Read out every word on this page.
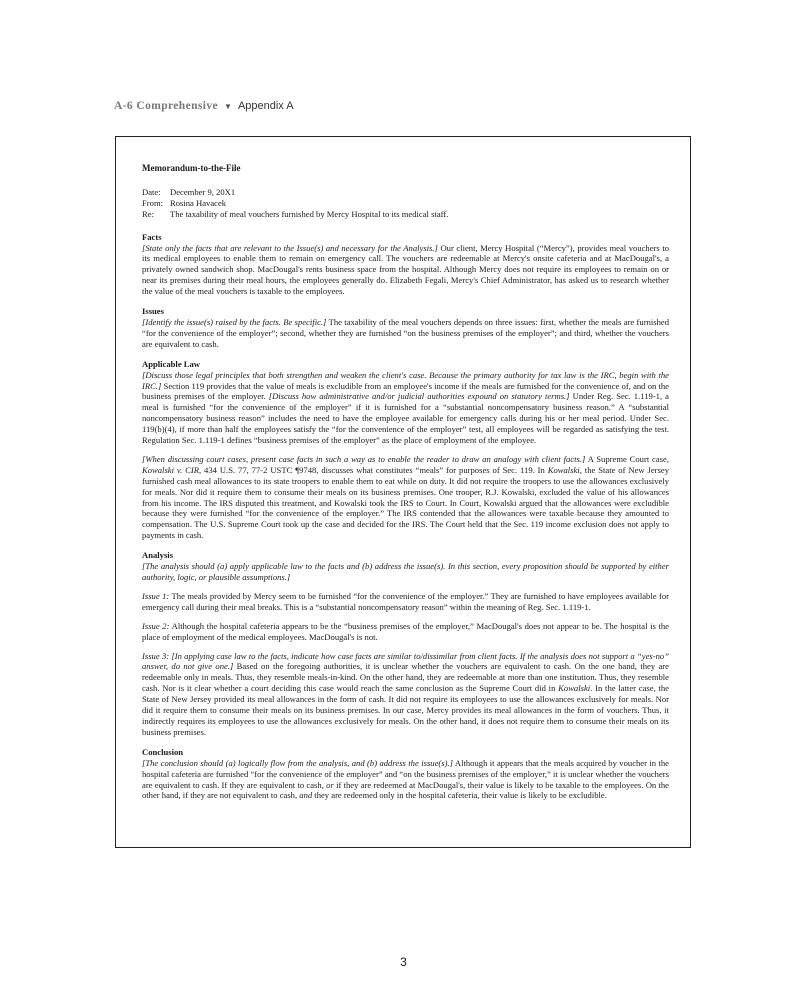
A-6 Comprehensive ▼ Appendix A
Memorandum-to-the-File
Date:	December 9, 20X1
From: Rosina Havacek
Re:	The taxability of meal vouchers furnished by Mercy Hospital to its medical staff.
Facts

[State only the facts that are relevant to the Issue(s) and necessary for the Analysis.] Our client, Mercy Hospital (“Mercy”), provides meal vouchers to its medical employees to enable them to remain on emergency call. The vouchers are redeemable at Mercy's onsite cafeteria and at MacDougal's, a privately owned sandwich shop. MacDougal's rents business space from the hospital. Although Mercy does not require its employees to remain on or near its premises during their meal hours, the employees generally do. Elizabeth Fegali, Mercy's Chief Administrator, has asked us to research whether the value of the meal vouchers is taxable to the employees.

Issues

[Identify the issue(s) raised by the facts. Be specific.] The taxability of the meal vouchers depends on three issues: first, whether the meals are furnished “for the convenience of the employer”; second, whether they are furnished “on the business premises of the employer”; and third, whether the vouchers are equivalent to cash.

Applicable Law

[Discuss those legal principles that both strengthen and weaken the client's case. Because the primary authority for tax law is the IRC, begin with the IRC.] Section 119 provides that the value of meals is excludible from an employee's income if the meals are furnished for the convenience of, and on the business premises of the employer. [Discuss how administrative and/or judicial authorities expound on statutory terms.] Under Reg. Sec. 1.119-1, a meal is furnished “for the convenience of the employer” if it is furnished for a “substantial noncompensatory business reason.” A “substantial noncompensatory business reason” includes the need to have the employee available for emergency calls during his or her meal period. Under Sec. 119(b)(4), if more than half the employees satisfy the “for the convenience of the employer” test, all employees will be regarded as satisfying the test. Regulation Sec. 1.119-1 defines “business premises of the employer” as the place of employment of the employee.

[When discussing court cases, present case facts in such a way as to enable the reader to draw an analogy with client facts.] A Supreme Court case, Kowalski v. CIR, 434 U.S. 77, 77-2 USTC ¶9748, discusses what constitutes “meals” for purposes of Sec. 119. In Kowalski, the State of New Jersey furnished cash meal allowances to its state troopers to enable them to eat while on duty. It did not require the troopers to use the allowances exclusively for meals. Nor did it require them to consume their meals on its business premises. One trooper, R.J. Kowalski, excluded the value of his allowances from his income. The IRS disputed this treatment, and Kowalski took the IRS to Court. In Court, Kowalski argued that the allowances were excludible because they were furnished “for the convenience of the employer.” The IRS contended that the allowances were taxable because they amounted to compensation. The U.S. Supreme Court took up the case and decided for the IRS. The Court held that the Sec. 119 income exclusion does not apply to payments in cash.

Analysis

[The analysis should (a) apply applicable law to the facts and (b) address the issue(s). In this section, every proposition should be supported by either authority, logic, or plausible assumptions.]

Issue 1: The meals provided by Mercy seem to be furnished “for the convenience of the employer.” They are furnished to have employees available for emergency call during their meal breaks. This is a “substantial noncompensatory reason” within the meaning of Reg. Sec. 1.119-1.

Issue 2: Although the hospital cafeteria appears to be the “business premises of the employer,” MacDougal's does not appear to be. The hospital is the place of employment of the medical employees. MacDougal's is not.

Issue 3: [In applying case law to the facts, indicate how case facts are similar to/dissimilar from client facts. If the analysis does not support a “yes-no” answer, do not give one.] Based on the foregoing authorities, it is unclear whether the vouchers are equivalent to cash. On the one hand, they are redeemable only in meals. Thus, they resemble meals-in-kind. On the other hand, they are redeemable at more than one institution. Thus, they resemble cash. Nor is it clear whether a court deciding this case would reach the same conclusion as the Supreme Court did in Kowalski. In the latter case, the State of New Jersey provided its meal allowances in the form of cash. It did not require its employees to use the allowances exclusively for meals. Nor did it require them to consume their meals on its business premises. In our case, Mercy provides its meal allowances in the form of vouchers. Thus, it indirectly requires its employees to use the allowances exclusively for meals. On the other hand, it does not require them to consume their meals on its business premises.

Conclusion

[The conclusion should (a) logically flow from the analysis, and (b) address the issue(s).] Although it appears that the meals acquired by voucher in the hospital cafeteria are furnished “for the convenience of the employer” and “on the business premises of the employer,” it is unclear whether the vouchers are equivalent to cash. If they are equivalent to cash, or if they are redeemed at MacDougal's, their value is likely to be taxable to the employees. On the other hand, if they are not equivalent to cash, and they are redeemed only in the hospital cafeteria, their value is likely to be excludible.

3
